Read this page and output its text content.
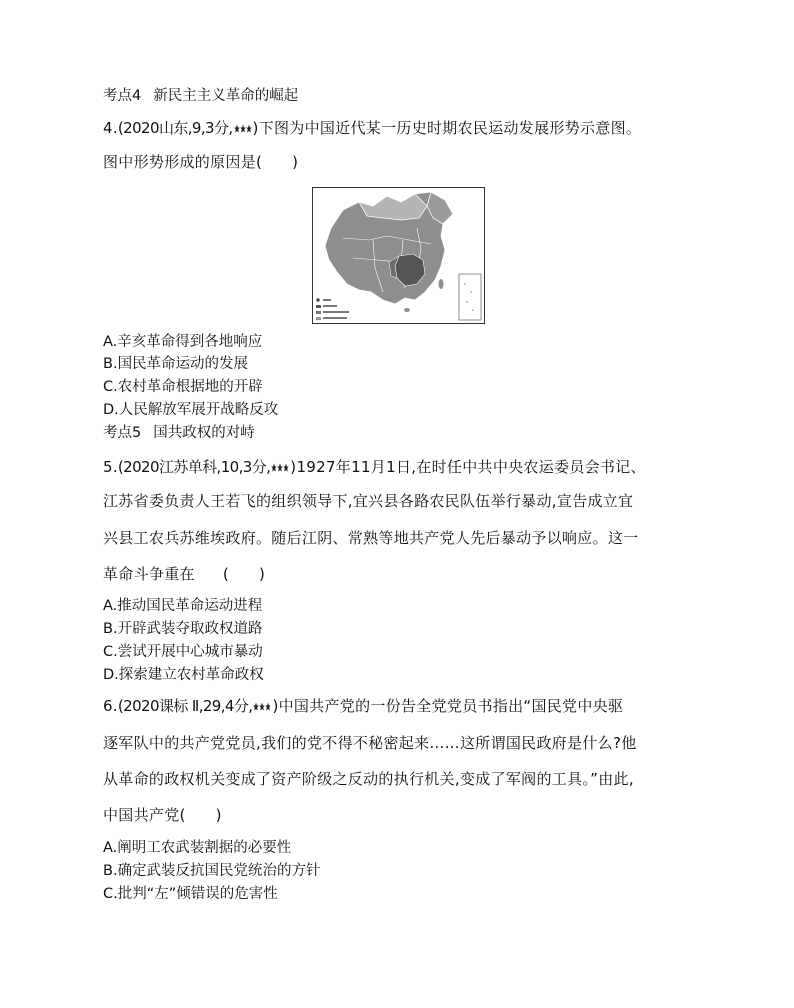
考点4 新民主主义革命的崛起
4.(2020山东,9,3分, )下图为中国近代某一历史时期农民运动发展形势示意图。
图中形势形成的原因是( )
A.辛亥革命得到各地响应
B.国民革命运动的发展
C.农村革命根据地的开辟
D.人民解放军展开战略反攻
考点5 国共政权的对峙
5.(2020江苏单科,10,3分, )1927年11月1日,在时任中共中央农运委员会书记、
江苏省委负责人王若飞的组织领导下,宜兴县各路农民队伍举行暴动,宣告成立宜
兴县工农兵苏维埃政府。随后江阴、常熟等地共产党人先后暴动予以响应。这一
革命斗争重在 ( )
A.推动国民革命运动进程
B.开辟武装夺取政权道路
C.尝试开展中心城市暴动
D.探索建立农村革命政权
6.(2020课标 Ⅱ,29,4分, )中国共产党的一份告全党党员书指出“国民党中央驱
逐军队中的共产党党员,我们的党不得不秘密起来……这所谓国民政府是什么?他
从革命的政权机关变成了资产阶级之反动的执行机关,变成了军阀的工具。”由此,
中国共产党( )
A.阐明工农武装割据的必要性
B.确定武装反抗国民党统治的方针
C.批判“左”倾错误的危害性
